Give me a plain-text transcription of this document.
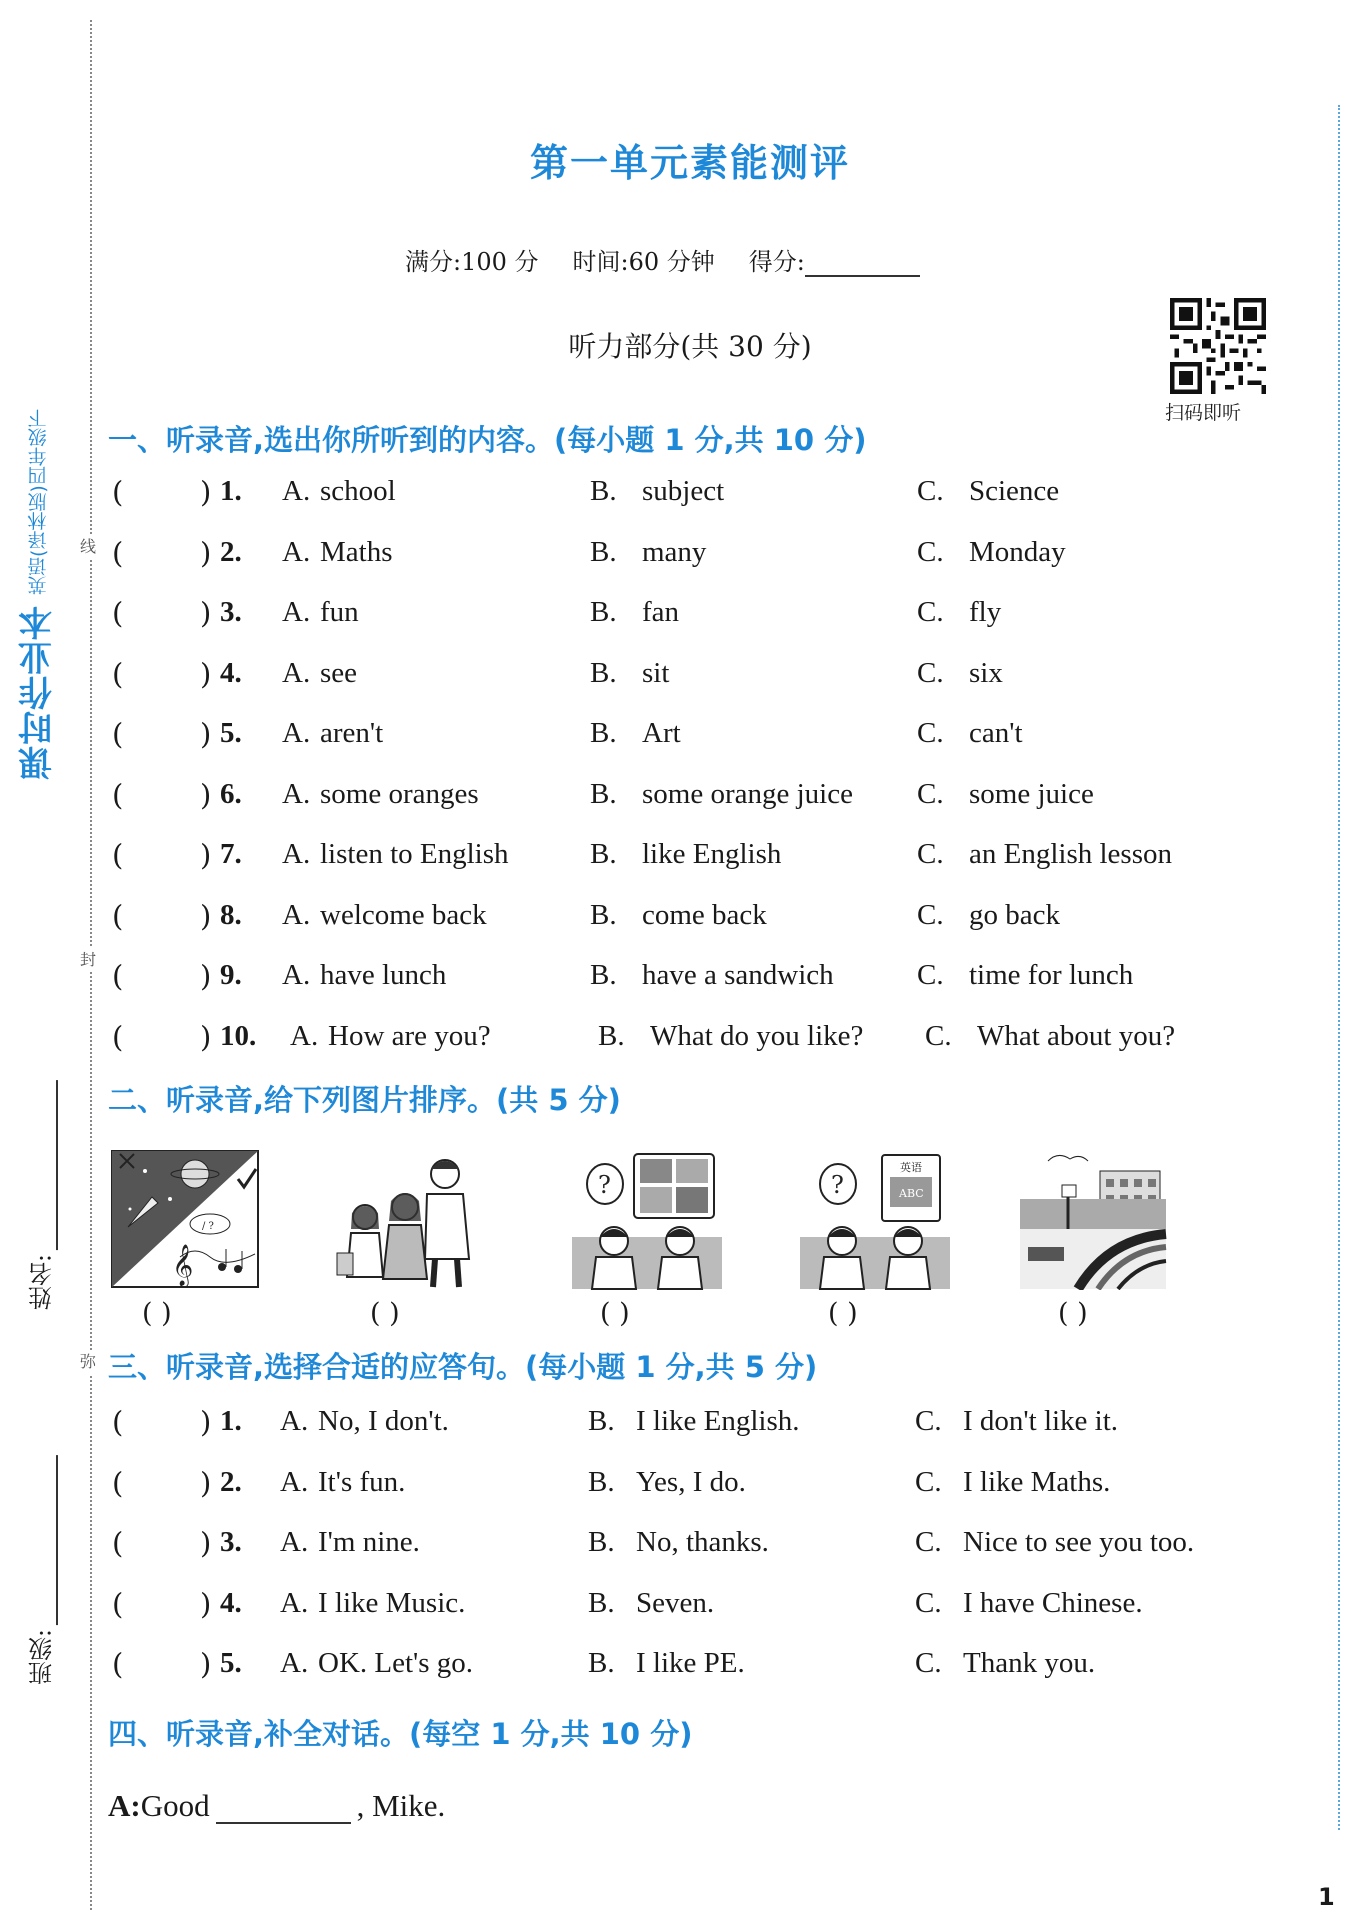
课时作业本
英语(译林版)四年级下 线
封
弥
姓名:
班级:
第一单元素能测评
满分:100 分 时间:60 分钟 得分:
听力部分(共 30 分)
扫码即听
一、听录音,选出你所听到的内容。(每小题 1 分,共 10 分)
(	) 1. A. school	B. subject	C. Science
(	) 2. A. Maths	B. many	C. Monday
(	) 3. A. fun	B. fan	C. fly
(	) 4. A. see	B. sit	C. six
(	) 5. A. aren't	B. Art	C. can't
(	) 6. A. some oranges	B. some orange juice C. some juice
(	) 7. A. listen to English	B. like English	C. an English lesson
(	) 8. A. welcome back	B. come back	C. go back
(	) 9. A. have lunch	B. have a sandwich	C. time for lunch
(	) 10. A. How are you?	B. What do you like? C. What about you?
二、听录音,给下列图片排序。(共 5 分)
/ ?
𝄞
?	?
英语
ABC
( )	( )	( )	( )	( )
三、听录音,选择合适的应答句。(每小题 1 分,共 5 分)
(	) 1. A. No, I don't.	B. I like English.	C. I don't like it.
(	) 2. A. It's fun.	B. Yes, I do.	C. I like Maths.
(	) 3. A. I'm nine.	B. No, thanks.	C. Nice to see you too.
(	) 4. A. I like Music.	B. Seven.	C. I have Chinese.
(	) 5. A. OK. Let's go.	B. I like PE.	C. Thank you.
四、听录音,补全对话。(每空 1 分,共 10 分)
A:Good	, Mike.
1
